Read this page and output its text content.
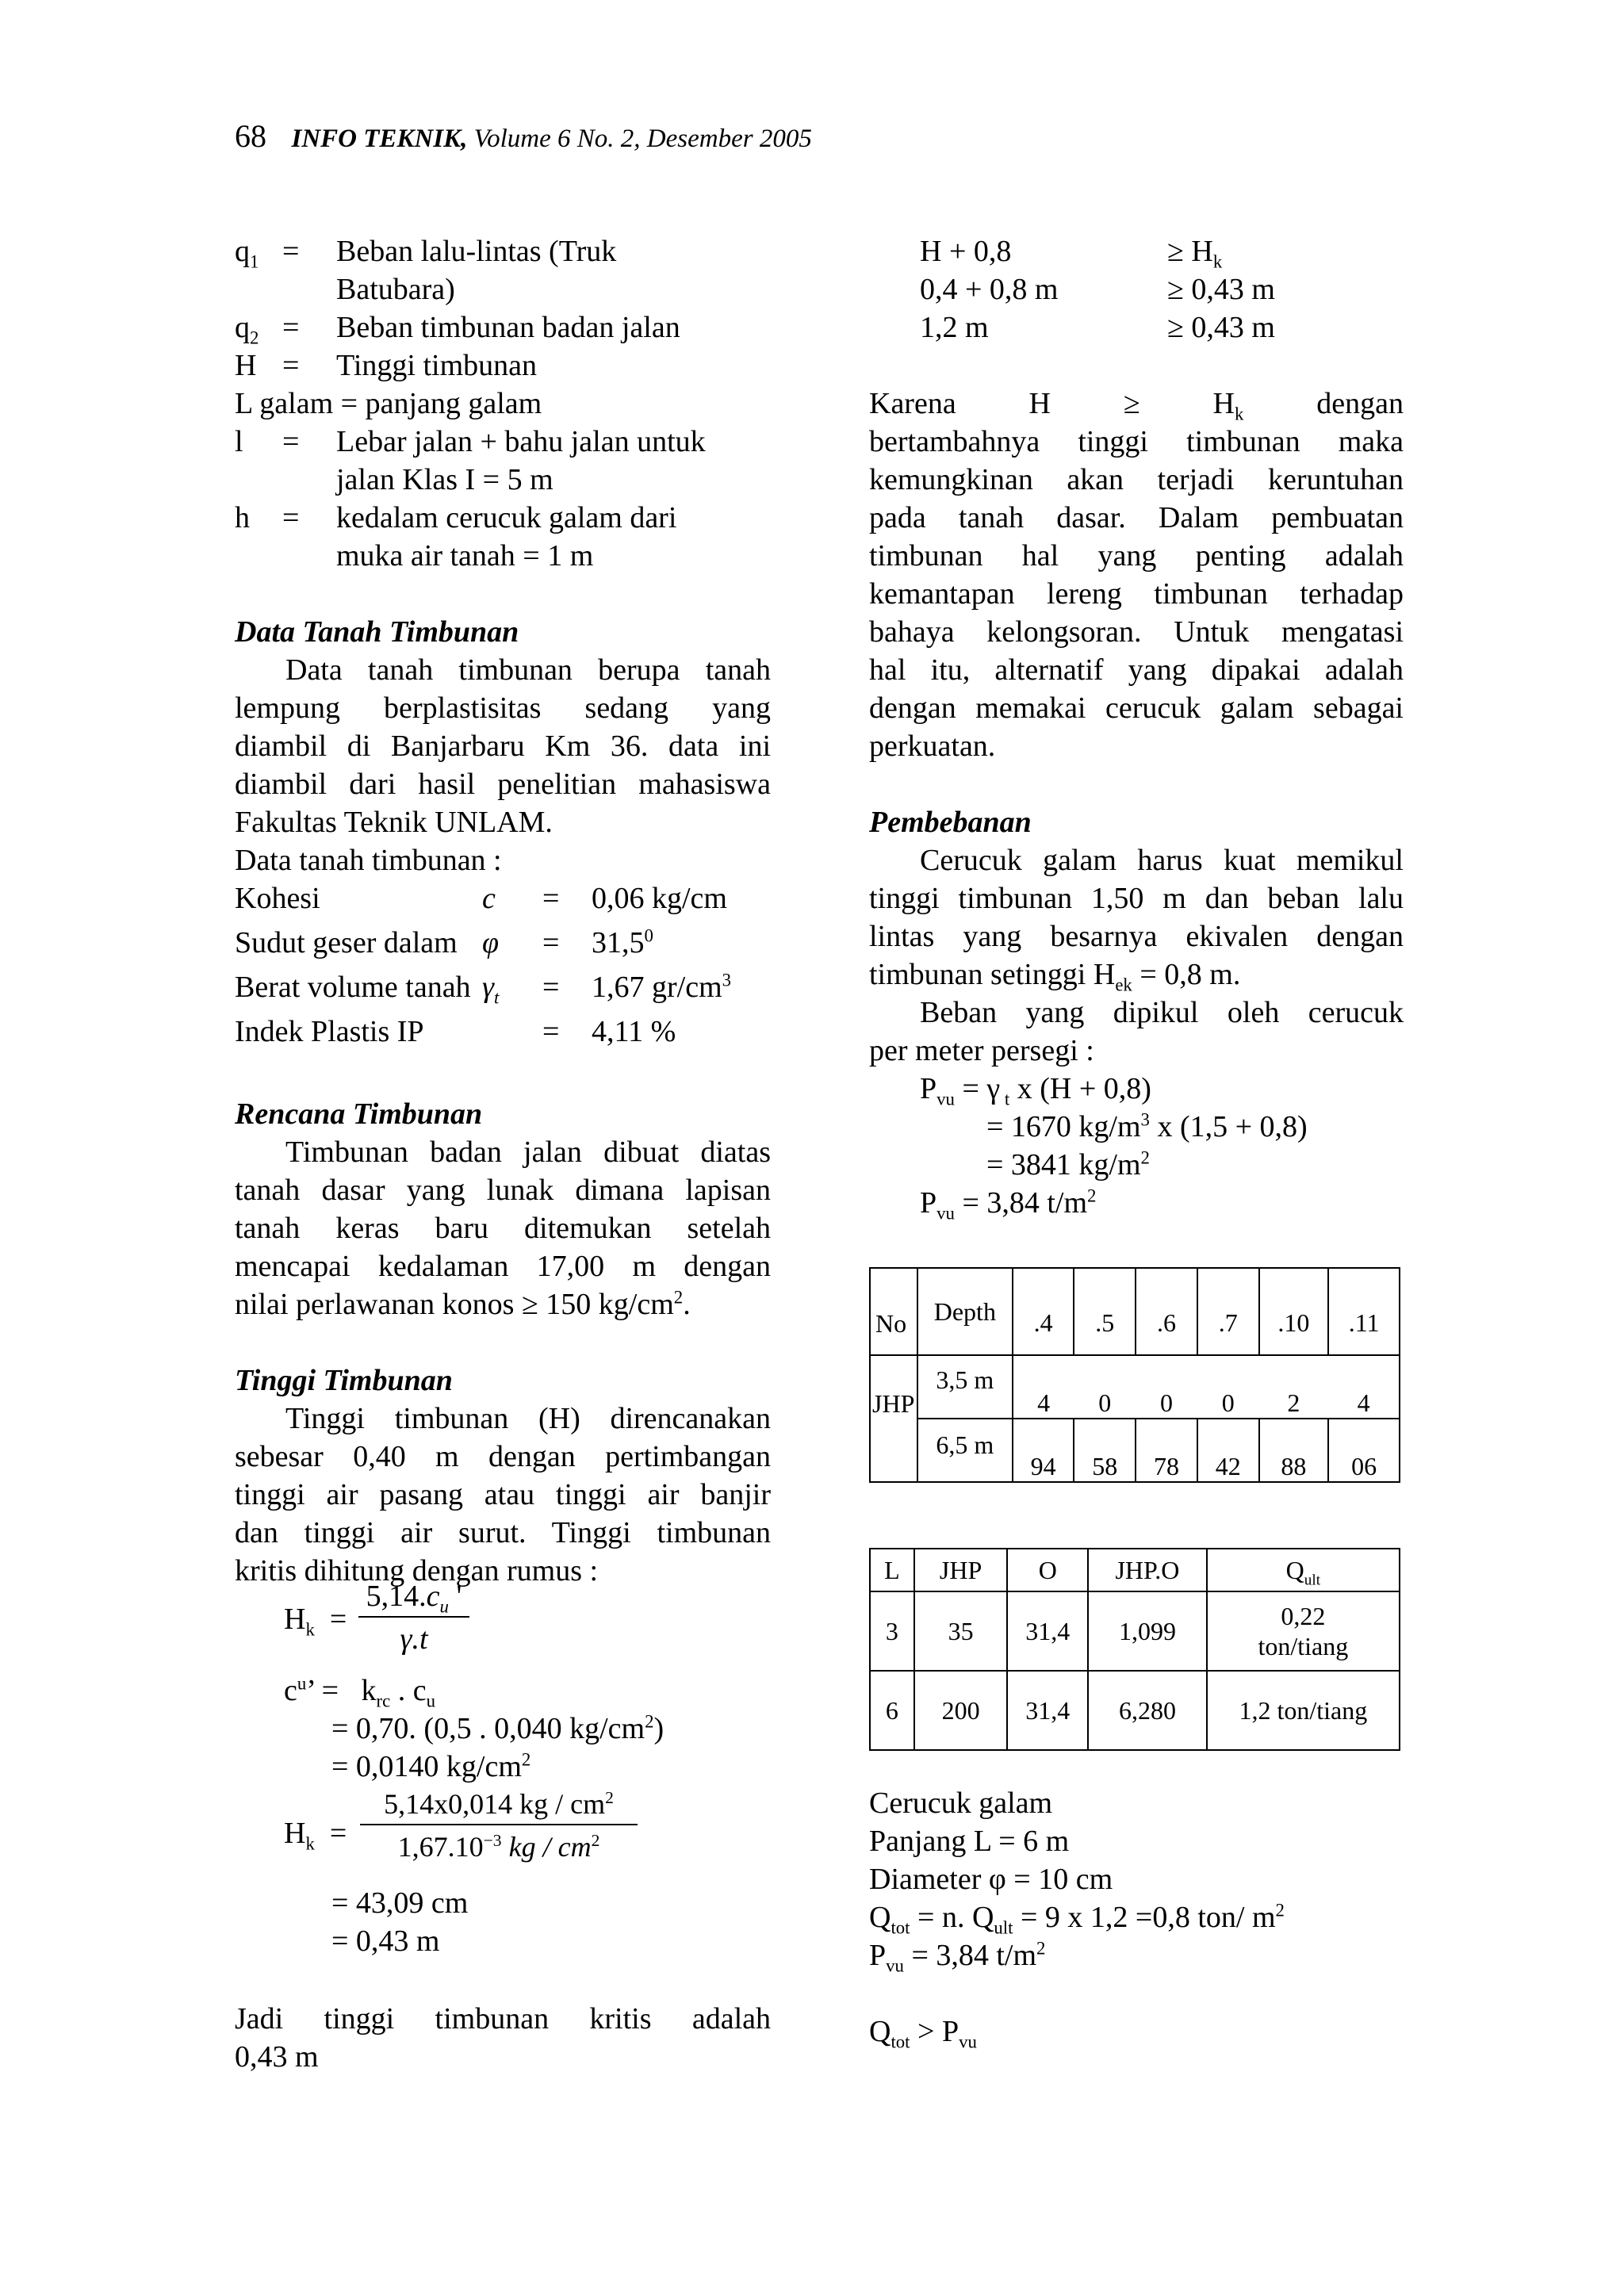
68 INFO TEKNIK, Volume 6 No. 2, Desember 2005
$q_1$ = Beban lalu-lintas (Truk
Batubara)
$q_2$ = Beban timbunan badan jalan
H = Tinggi timbunan
L galam = panjang galam
l = Lebar jalan + bahu jalan untuk
jalan Klas I = 5 m
h = kedalam cerucuk galam dari
muka air tanah = 1 m
Data Tanah Timbunan
Data tanah timbunan berupa tanah
lempung berplastisitas sedang yang
diambil di Banjarbaru Km 36. data ini
diambil dari hasil penelitian mahasiswa
Fakultas Teknik UNLAM.
Data tanah timbunan :
Kohesi	c = 0,06 kg/cm
Sudut geser dalam $\varphi = 31,5^0$
Berat volume tanah $\gamma_t = 1,67$ $gr/cm^3$
Indek Plastis IP	= 4,11 %
Rencana Timbunan
Timbunan badan jalan dibuat diatas
tanah dasar yang lunak dimana lapisan
tanah keras baru ditemukan setelah
mencapai kedalaman 17,00 m dengan
nilai perlawanan konos ≥ 150 $kg/cm^2$.
Tinggi Timbunan
Tinggi timbunan (H) direncanakan
sebesar 0,40 m dengan pertimbangan
tinggi air pasang atau tinggi air banjir
dan tinggi air surut. Tinggi timbunan
kritis dihitung dengan rumus :
$H_k = \frac{5,14.c_u '}{\gamma.t}$
$c^u$’ = $k_{rc}$ . $c_u$
= 0,70. (0,5 . 0,040 $kg/cm^2$)
= 0,0140 $kg/cm^2$
$H_k = \frac{5,14x0,014 kg / cm^2}{1,67.10^{-3} kg / cm^2}$
= 43,09 cm
= 0,43 m
Jadi tinggi timbunan kritis adalah
0,43 m
H + 0,8	≥ $H_k$
0,4 + 0,8 m	≥ 0,43 m
1,2 m	≥ 0,43 m
Karena $H \ge H_k$ dengan
bertambahnya tinggi timbunan maka
kemungkinan akan terjadi keruntuhan
pada tanah dasar. Dalam pembuatan
timbunan hal yang penting adalah
kemantapan lereng timbunan terhadap
bahaya kelongsoran. Untuk mengatasi
hal itu, alternatif yang dipakai adalah
dengan memakai cerucuk galam sebagai
perkuatan.
Pembebanan
Cerucuk galam harus kuat memikul
tinggi timbunan 1,50 m dan beban lalu
lintas yang besarnya ekivalen dengan
timbunan setinggi $H_{ek} = 0,8$ m.
Beban yang dipikul oleh cerucuk
per meter persegi :
$P_{vu} = \gamma$ $_t$ x (H + 0,8)
= 1670 $kg/m^3$ x (1,5 + 0,8)
= 3841 $kg/m^2$
$P_{vu} = 3,84$ $t/m^2$
No	Depth	.4	.5	.6	.7	.10	.11
JHP	3,5 m	4	0	0	0	2	4
	6,5 m	94	58	78	42	88	06
L	JHP	O	JHP.O	$Q_{ult}$
3	35	31,4	1,099	0,22
ton/tiang

6	200	31,4	6,280	1,2 ton/tiang
Cerucuk galam
Panjang L = 6 m
Diameter φ = 10 cm
$Q_{tot} = n$. $Q_{ult} = 9$ x 1,2 =0,8 ton/ $m^2$
$P_{vu} = 3,84$ $t/m^2$
$Q_{tot} > P_{vu}$
